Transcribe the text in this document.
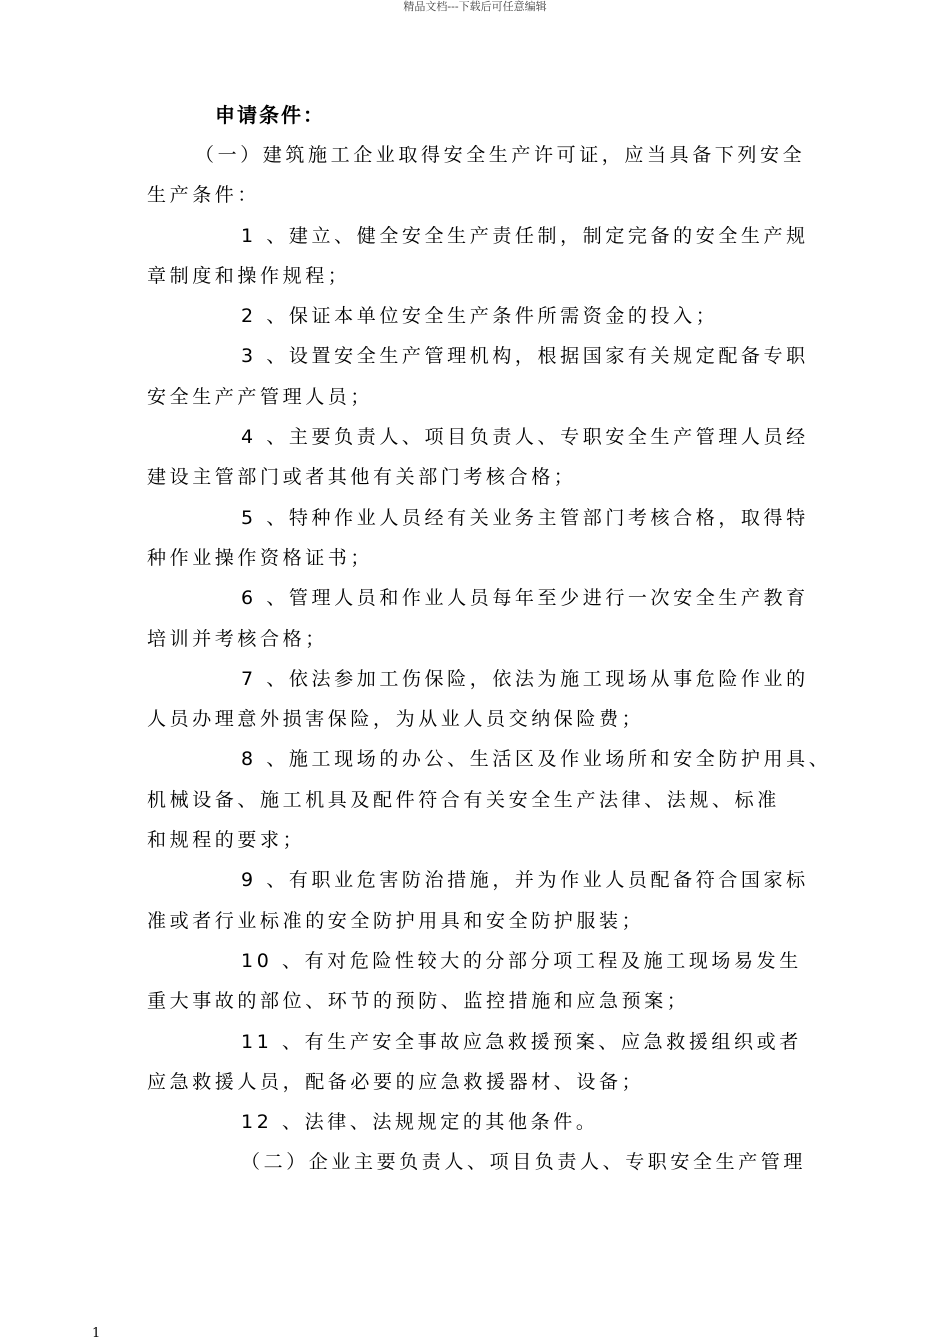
精品文档---下载后可任意编辑
申请条件：

（一）建筑施工企业取得安全生产许可证，应当具备下列安全

生产条件：

1 、建立、健全安全生产责任制，制定完备的安全生产规

章制度和操作规程；

2 、保证本单位安全生产条件所需资金的投入；

3 、设置安全生产管理机构，根据国家有关规定配备专职

安全生产产管理人员；

4 、主要负责人、项目负责人、专职安全生产管理人员经

建设主管部门或者其他有关部门考核合格；

5 、特种作业人员经有关业务主管部门考核合格，取得特

种作业操作资格证书；

6 、管理人员和作业人员每年至少进行一次安全生产教育

培训并考核合格；

7 、依法参加工伤保险，依法为施工现场从事危险作业的

人员办理意外损害保险，为从业人员交纳保险费；

8 、施工现场的办公、生活区及作业场所和安全防护用具、

机械设备、施工机具及配件符合有关安全生产法律、法规、标准

和规程的要求；

9 、有职业危害防治措施，并为作业人员配备符合国家标

准或者行业标准的安全防护用具和安全防护服装；

10 、有对危险性较大的分部分项工程及施工现场易发生

重大事故的部位、环节的预防、监控措施和应急预案；

11 、有生产安全事故应急救援预案、应急救援组织或者

应急救援人员，配备必要的应急救援器材、设备；

12 、法律、法规规定的其他条件。

（二）企业主要负责人、项目负责人、专职安全生产管理

1
